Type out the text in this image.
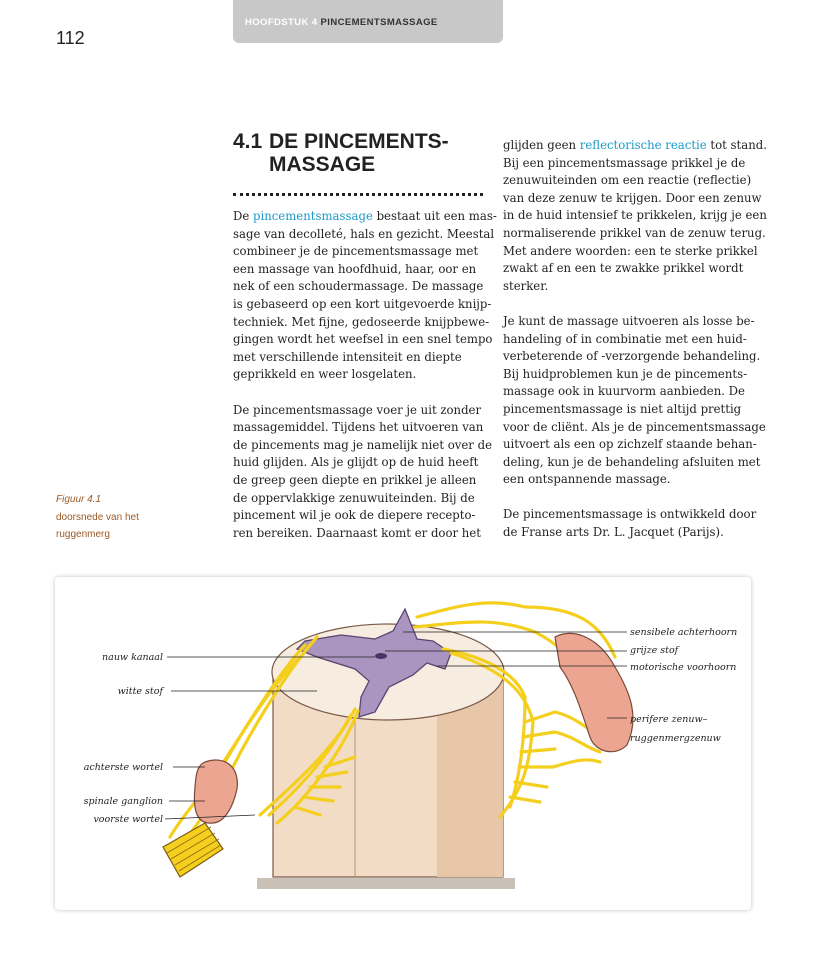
112
HOOFDSTUK 4 PINCEMENTSMASSAGE
4.1 DE PINCEMENTS-
MASSAGE

De pincementsmassage bestaat uit een mas-
sage van decolleté, hals en gezicht. Meestal
combineer je de pincementsmassage met
een massage van hoofdhuid, haar, oor en
nek of een schoudermassage. De massage
is gebaseerd op een kort uitgevoerde knijp-
techniek. Met fijne, gedoseerde knijpbewe-
gingen wordt het weefsel in een snel tempo
met verschillende intensiteit en diepte
geprikkeld en weer losgelaten.

De pincementsmassage voer je uit zonder
massagemiddel. Tijdens het uitvoeren van
de pincements mag je namelijk niet over de
huid glijden. Als je glijdt op de huid heeft
de greep geen diepte en prikkel je alleen
de oppervlakkige zenuwuiteinden. Bij de
pincement wil je ook de diepere recepto-
ren bereiken. Daarnaast komt er door het

glijden geen reflectorische reactie tot stand.
Bij een pincementsmassage prikkel je de
zenuwuiteinden om een reactie (reflectie)
van deze zenuw te krijgen. Door een zenuw
in de huid intensief te prikkelen, krijg je een
normaliserende prikkel van de zenuw terug.
Met andere woorden: een te sterke prikkel
zwakt af en een te zwakke prikkel wordt
sterker.

Je kunt de massage uitvoeren als losse be-
handeling of in combinatie met een huid-
verbeterende of -verzorgende behandeling.
Bij huidproblemen kun je de pincements-
massage ook in kuurvorm aanbieden. De
pincementsmassage is niet altijd prettig
voor de cliënt. Als je de pincementsmassage
uitvoert als een op zichzelf staande behan-
deling, kun je de behandeling afsluiten met
een ontspannende massage.

De pincementsmassage is ontwikkeld door
de Franse arts Dr. L. Jacquet (Parijs).

Figuur 4.1
doorsnede van het
ruggenmerg
nauw kanaal
witte stof
achterste wortel
spinale ganglion
voorste wortel
sensibele achterhoorn
grijze stof
motorische voorhoorn
perifere zenuw–
ruggenmergzenuw
